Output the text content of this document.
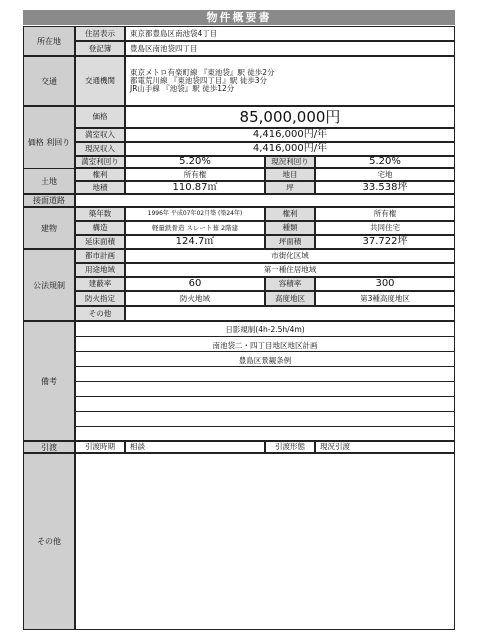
物件概要書
所在地
住居表示	東京都豊島区南池袋4丁目
登記簿	豊島区南池袋四丁目
交通	交通機関
東京メトロ有楽町線 『東池袋』駅 徒歩2分
都電荒川線 『東池袋四丁目』駅 徒歩3分
JR山手線 『池袋』駅 徒歩12分
価格 利回り
価格	85,000,000円
満室収入	4,416,000円/年
現況収入	4,416,000円/年
満室利回り	5.20%	現況利回り	5.20%
土地
権利	所有権	地目	宅地
地積	110.87㎡	坪	33.538坪
接面道路
建物
築年数	1996年 平成07年02月築 (築24年)	権利	所有権
構造	軽量鉄骨造 スレート葺 2階建	種類	共同住宅
延床面積	124.7㎡	坪面積	37.722坪
公法規制
都市計画	市街化区域
用途地域	第一種住居地域
建蔽率	60	容積率	300
防火指定	防火地域	高度地区	第3種高度地区
その他
備考
日影規制(4h-2.5h/4m)
南池袋二・四丁目地区地区計画
豊島区景観条例
引渡	引渡時期	相談	引渡形態	現況引渡
その他
